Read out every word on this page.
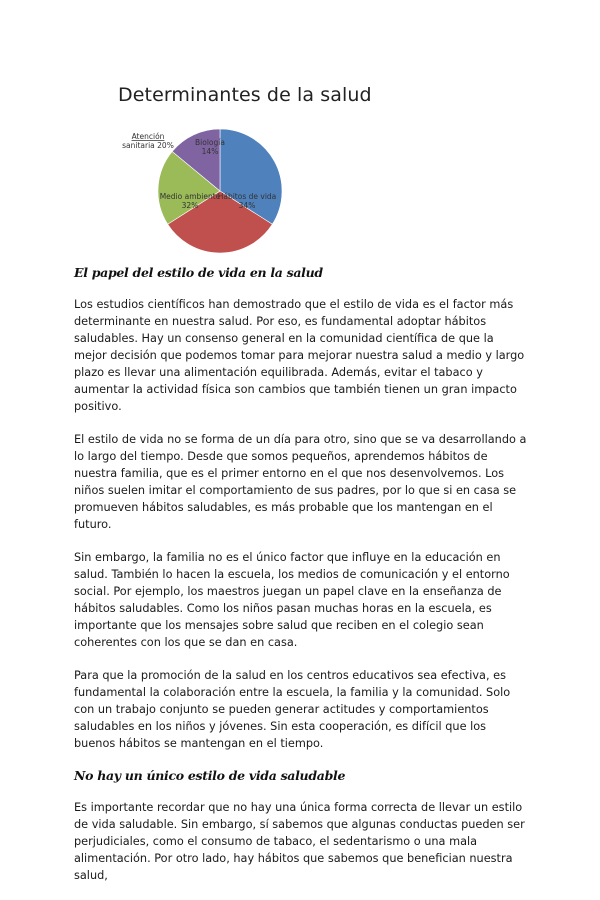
Determinantes de la salud
Hábitos de vida 34%
Medio ambiente 32%
Atención sanitaria 20%	Biología 14%
El papel del estilo de vida en la salud

Los estudios científicos han demostrado que el estilo de vida es el factor más determinante en nuestra salud. Por eso, es fundamental adoptar hábitos saludables. Hay un consenso general en la comunidad científica de que la mejor decisión que podemos tomar para mejorar nuestra salud a medio y largo plazo es llevar una alimentación equilibrada. Además, evitar el tabaco y aumentar la actividad física son cambios que también tienen un gran impacto positivo.

El estilo de vida no se forma de un día para otro, sino que se va desarrollando a lo largo del tiempo. Desde que somos pequeños, aprendemos hábitos de nuestra familia, que es el primer entorno en el que nos desenvolvemos. Los niños suelen imitar el comportamiento de sus padres, por lo que si en casa se promueven hábitos saludables, es más probable que los mantengan en el futuro.

Sin embargo, la familia no es el único factor que influye en la educación en salud. También lo hacen la escuela, los medios de comunicación y el entorno social. Por ejemplo, los maestros juegan un papel clave en la enseñanza de hábitos saludables. Como los niños pasan muchas horas en la escuela, es importante que los mensajes sobre salud que reciben en el colegio sean coherentes con los que se dan en casa.

Para que la promoción de la salud en los centros educativos sea efectiva, es fundamental la colaboración entre la escuela, la familia y la comunidad. Solo con un trabajo conjunto se pueden generar actitudes y comportamientos saludables en los niños y jóvenes. Sin esta cooperación, es difícil que los buenos hábitos se mantengan en el tiempo.

No hay un único estilo de vida saludable

Es importante recordar que no hay una única forma correcta de llevar un estilo de vida saludable. Sin embargo, sí sabemos que algunas conductas pueden ser perjudiciales, como el consumo de tabaco, el sedentarismo o una mala alimentación. Por otro lado, hay hábitos que sabemos que benefician nuestra salud,
